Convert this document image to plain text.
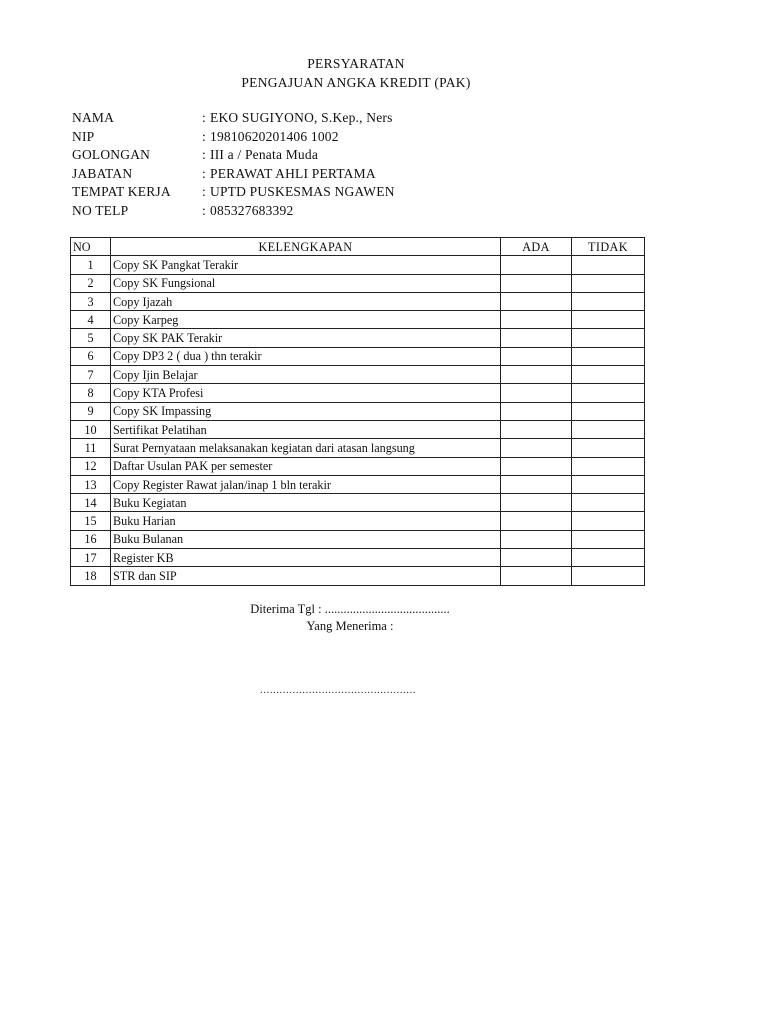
PERSYARATAN
PENGAJUAN ANGKA KREDIT (PAK)
NAMA	: EKO SUGIYONO, S.Kep., Ners
NIP	: 19810620201406 1002
GOLONGAN	: III a / Penata Muda
JABATAN	: PERAWAT AHLI PERTAMA
TEMPAT KERJA	: UPTD PUSKESMAS NGAWEN
NO TELP	: 085327683392
NO	KELENGKAPAN	ADA	TIDAK
1	Copy SK Pangkat Terakir		
2	Copy SK Fungsional		
3	Copy Ijazah		
4	Copy Karpeg		
5	Copy SK PAK Terakir		
6	Copy DP3 2 ( dua ) thn terakir		
7	Copy Ijin Belajar		
8	Copy KTA Profesi		
9	Copy SK Impassing		
10	Sertifikat Pelatihan		
11	Surat Pernyataan melaksanakan kegiatan dari atasan langsung		
12	Daftar Usulan PAK per semester		
13	Copy Register Rawat jalan/inap 1 bln terakir		
14	Buku Kegiatan		
15	Buku Harian		
16	Buku Bulanan		
17	Register KB		
18	STR dan SIP		
Diterima Tgl : ........................................
Yang Menerima :
................................................
